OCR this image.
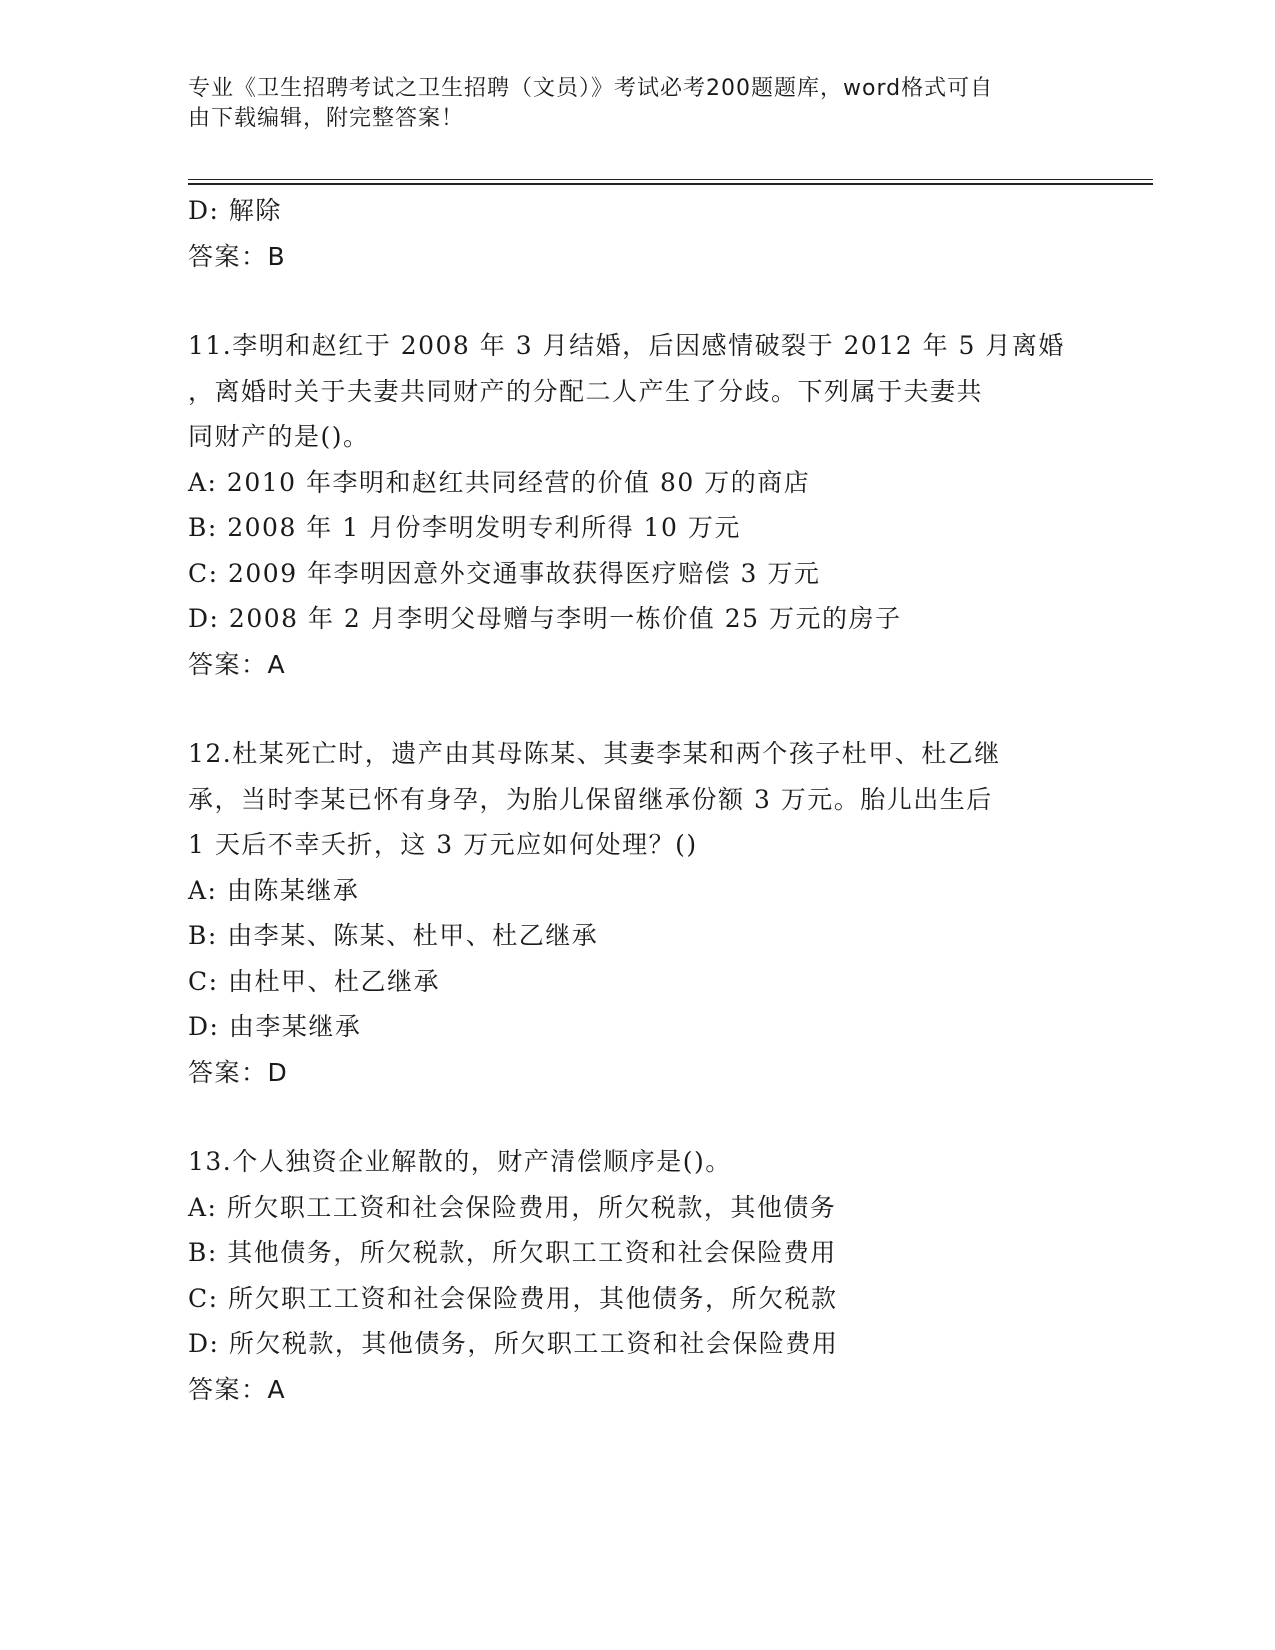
专业《卫生招聘考试之卫生招聘（文员）》考试必考200题题库，word格式可自
由下载编辑，附完整答案！
D: 解除
答案：B
11.李明和赵红于 2008 年 3 月结婚，后因感情破裂于 2012 年 5 月离婚
，离婚时关于夫妻共同财产的分配二人产生了分歧。下列属于夫妻共
同财产的是()。
A: 2010 年李明和赵红共同经营的价值 80 万的商店
B: 2008 年 1 月份李明发明专利所得 10 万元
C: 2009 年李明因意外交通事故获得医疗赔偿 3 万元
D: 2008 年 2 月李明父母赠与李明一栋价值 25 万元的房子
答案：A
12.杜某死亡时，遗产由其母陈某、其妻李某和两个孩子杜甲、杜乙继
承，当时李某已怀有身孕，为胎儿保留继承份额 3 万元。胎儿出生后
1 天后不幸夭折，这 3 万元应如何处理？()
A: 由陈某继承
B: 由李某、陈某、杜甲、杜乙继承
C: 由杜甲、杜乙继承
D: 由李某继承
答案：D
13.个人独资企业解散的，财产清偿顺序是()。
A: 所欠职工工资和社会保险费用，所欠税款，其他债务
B: 其他债务，所欠税款，所欠职工工资和社会保险费用
C: 所欠职工工资和社会保险费用，其他债务，所欠税款
D: 所欠税款，其他债务，所欠职工工资和社会保险费用
答案：A
